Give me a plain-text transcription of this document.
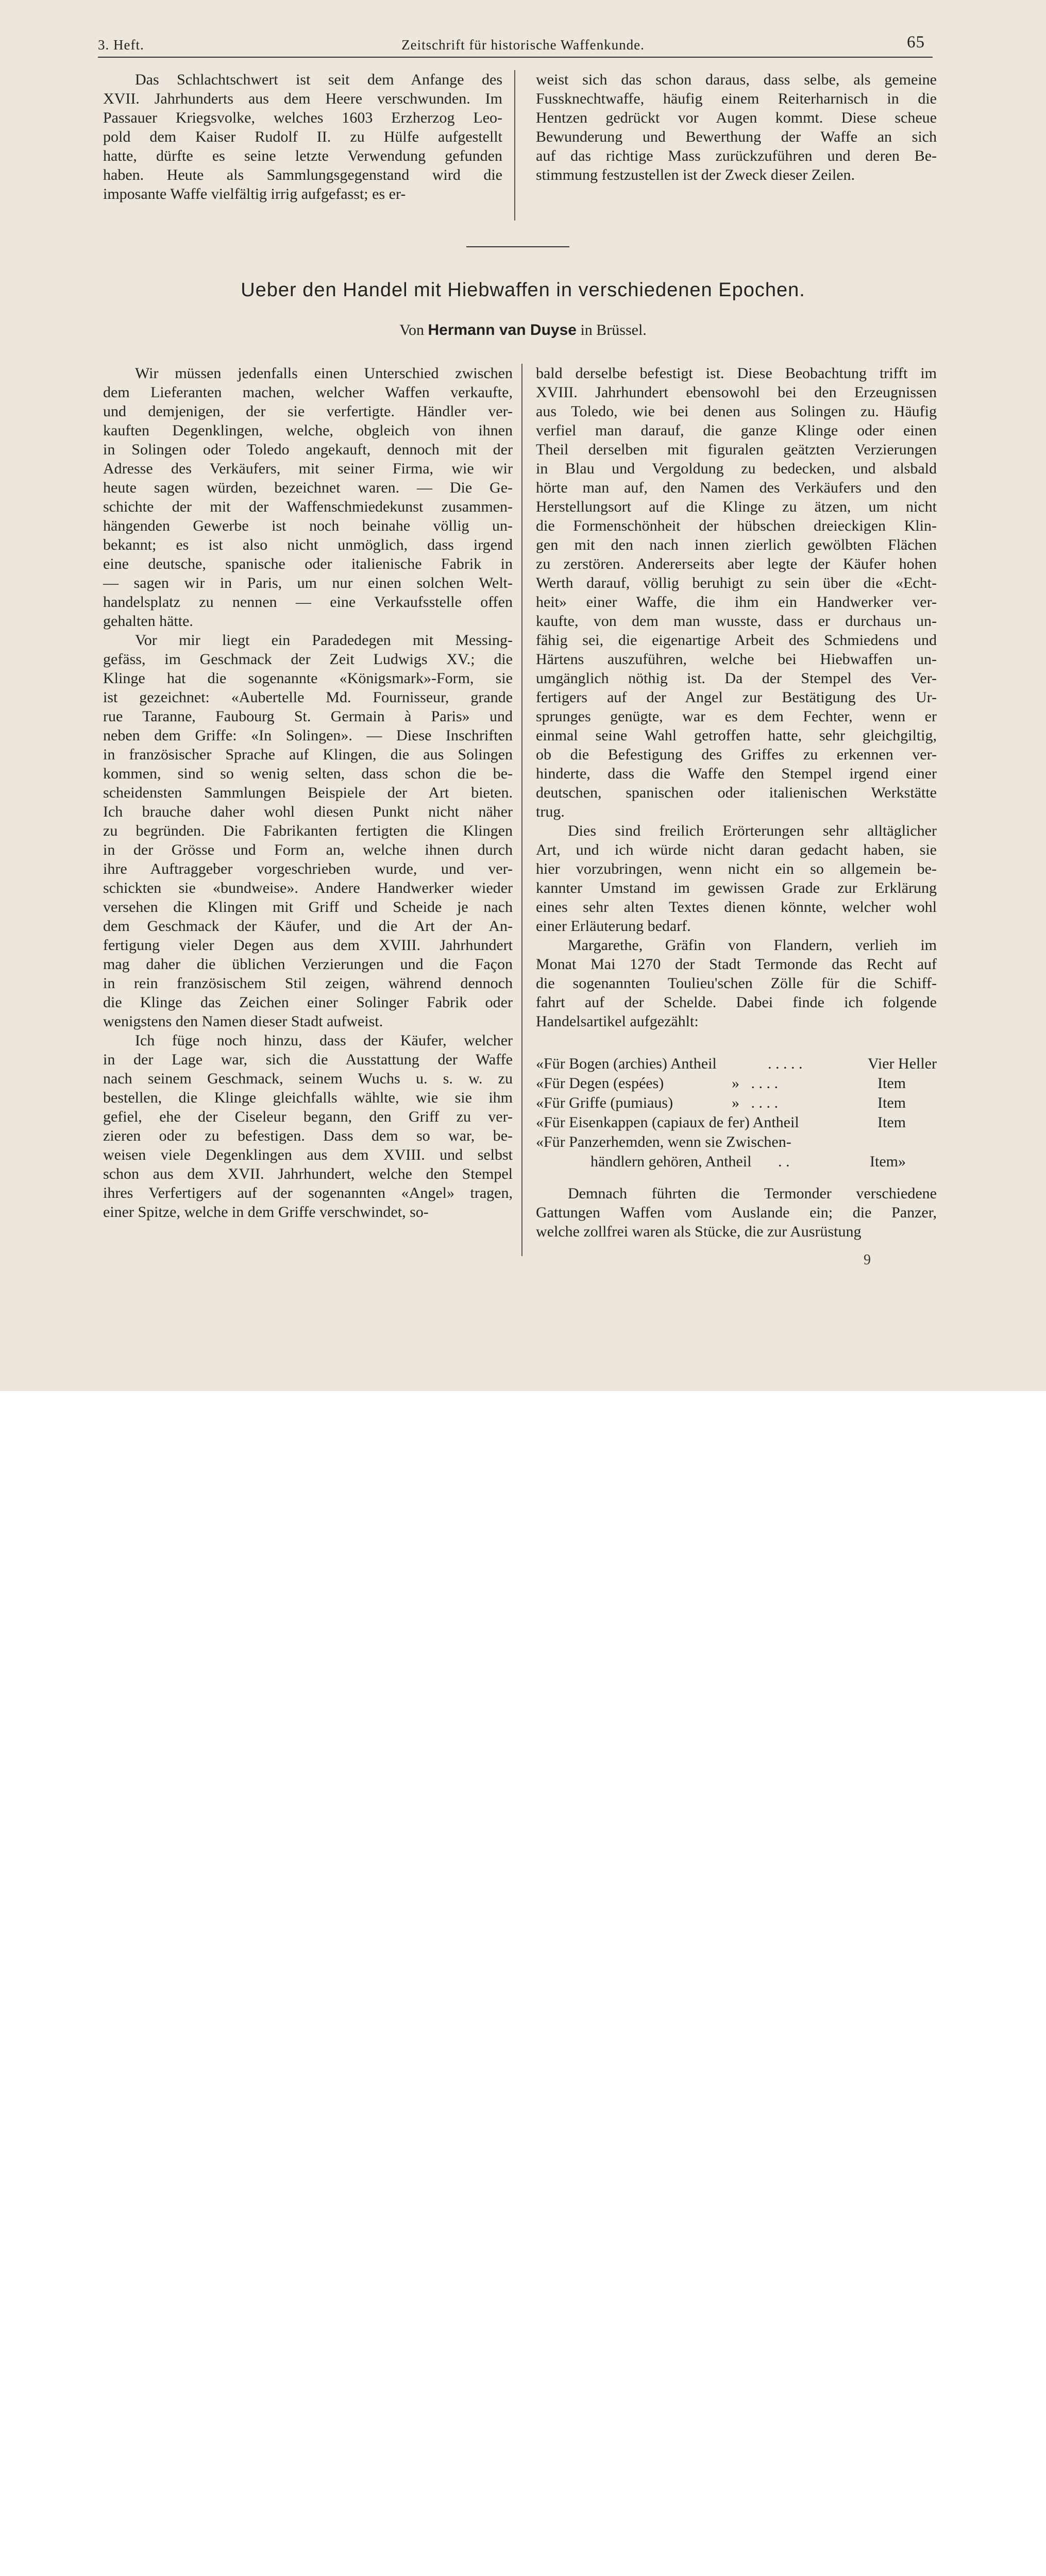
3. Heft.	Zeitschrift für historische Waffenkunde.	65

Das Schlachtschwert ist seit dem Anfange des

XVII. Jahrhunderts aus dem Heere verschwunden. Im

Passauer Kriegsvolke, welches 1603 Erzherzog Leo-

pold dem Kaiser Rudolf II. zu Hülfe aufgestellt

hatte, dürfte es seine letzte Verwendung gefunden

haben. Heute als Sammlungsgegenstand wird die

imposante Waffe vielfältig irrig aufgefasst; es er-

weist sich das schon daraus, dass selbe, als gemeine

Fussknechtwaffe, häufig einem Reiterharnisch in die

Hentzen gedrückt vor Augen kommt. Diese scheue

Bewunderung und Bewerthung der Waffe an sich

auf das richtige Mass zurückzuführen und deren Be-

stimmung festzustellen ist der Zweck dieser Zeilen.

Ueber den Handel mit Hiebwaffen in verschiedenen Epochen.
Von Hermann van Duyse in Brüssel.

Wir müssen jedenfalls einen Unterschied zwischen

dem Lieferanten machen, welcher Waffen verkaufte,

und demjenigen, der sie verfertigte. Händler ver-

kauften Degenklingen, welche, obgleich von ihnen

in Solingen oder Toledo angekauft, dennoch mit der

Adresse des Verkäufers, mit seiner Firma, wie wir

heute sagen würden, bezeichnet waren. — Die Ge-

schichte der mit der Waffenschmiedekunst zusammen-

hängenden Gewerbe ist noch beinahe völlig un-

bekannt; es ist also nicht unmöglich, dass irgend

eine deutsche, spanische oder italienische Fabrik in

— sagen wir in Paris, um nur einen solchen Welt-

handelsplatz zu nennen — eine Verkaufsstelle offen

gehalten hätte.

Vor mir liegt ein Paradedegen mit Messing-

gefäss, im Geschmack der Zeit Ludwigs XV.; die

Klinge hat die sogenannte «Königsmark»-Form, sie

ist gezeichnet: «Aubertelle Md. Fournisseur, grande

rue Taranne, Faubourg St. Germain à Paris» und

neben dem Griffe: «In Solingen». — Diese Inschriften

in französischer Sprache auf Klingen, die aus Solingen

kommen, sind so wenig selten, dass schon die be-

scheidensten Sammlungen Beispiele der Art bieten.

Ich brauche daher wohl diesen Punkt nicht näher

zu begründen. Die Fabrikanten fertigten die Klingen

in der Grösse und Form an, welche ihnen durch

ihre Auftraggeber vorgeschrieben wurde, und ver-

schickten sie «bundweise». Andere Handwerker wieder

versehen die Klingen mit Griff und Scheide je nach

dem Geschmack der Käufer, und die Art der An-

fertigung vieler Degen aus dem XVIII. Jahrhundert

mag daher die üblichen Verzierungen und die Façon

in rein französischem Stil zeigen, während dennoch

die Klinge das Zeichen einer Solinger Fabrik oder

wenigstens den Namen dieser Stadt aufweist.

Ich füge noch hinzu, dass der Käufer, welcher

in der Lage war, sich die Ausstattung der Waffe

nach seinem Geschmack, seinem Wuchs u. s. w. zu

bestellen, die Klinge gleichfalls wählte, wie sie ihm

gefiel, ehe der Ciseleur begann, den Griff zu ver-

zieren oder zu befestigen. Dass dem so war, be-

weisen viele Degenklingen aus dem XVIII. und selbst

schon aus dem XVII. Jahrhundert, welche den Stempel

ihres Verfertigers auf der sogenannten «Angel» tragen,

einer Spitze, welche in dem Griffe verschwindet, so-

bald derselbe befestigt ist. Diese Beobachtung trifft im

XVIII. Jahrhundert ebensowohl bei den Erzeugnissen

aus Toledo, wie bei denen aus Solingen zu. Häufig

verfiel man darauf, die ganze Klinge oder einen

Theil derselben mit figuralen geätzten Verzierungen

in Blau und Vergoldung zu bedecken, und alsbald

hörte man auf, den Namen des Verkäufers und den

Herstellungsort auf die Klinge zu ätzen, um nicht

die Formenschönheit der hübschen dreieckigen Klin-

gen mit den nach innen zierlich gewölbten Flächen

zu zerstören. Andererseits aber legte der Käufer hohen

Werth darauf, völlig beruhigt zu sein über die «Echt-

heit» einer Waffe, die ihm ein Handwerker ver-

kaufte, von dem man wusste, dass er durchaus un-

fähig sei, die eigenartige Arbeit des Schmiedens und

Härtens auszuführen, welche bei Hiebwaffen un-

umgänglich nöthig ist. Da der Stempel des Ver-

fertigers auf der Angel zur Bestätigung des Ur-

sprunges genügte, war es dem Fechter, wenn er

einmal seine Wahl getroffen hatte, sehr gleichgiltig,

ob die Befestigung des Griffes zu erkennen ver-

hinderte, dass die Waffe den Stempel irgend einer

deutschen, spanischen oder italienischen Werkstätte

trug.

Dies sind freilich Erörterungen sehr alltäglicher

Art, und ich würde nicht daran gedacht haben, sie

hier vorzubringen, wenn nicht ein so allgemein be-

kannter Umstand im gewissen Grade zur Erklärung

eines sehr alten Textes dienen könnte, welcher wohl

einer Erläuterung bedarf.

Margarethe, Gräfin von Flandern, verlieh im

Monat Mai 1270 der Stadt Termonde das Recht auf

die sogenannten Toulieu'schen Zölle für die Schiff-

fahrt auf der Schelde. Dabei finde ich folgende

Handelsartikel aufgezählt:

«Für Bogen (archies) Antheil	. . . . .	Vier Heller
«Für Degen (espées)	»   . . . .	Item
«Für Griffe (pumiaus)	»   . . . .	Item
«Für Eisenkappen (capiaux de fer) Antheil	Item
«Für Panzerhemden, wenn sie Zwischen-
händlern gehören, Antheil . .	Item»

Demnach führten die Termonder verschiedene

Gattungen Waffen vom Auslande ein; die Panzer,

welche zollfrei waren als Stücke, die zur Ausrüstung

9
